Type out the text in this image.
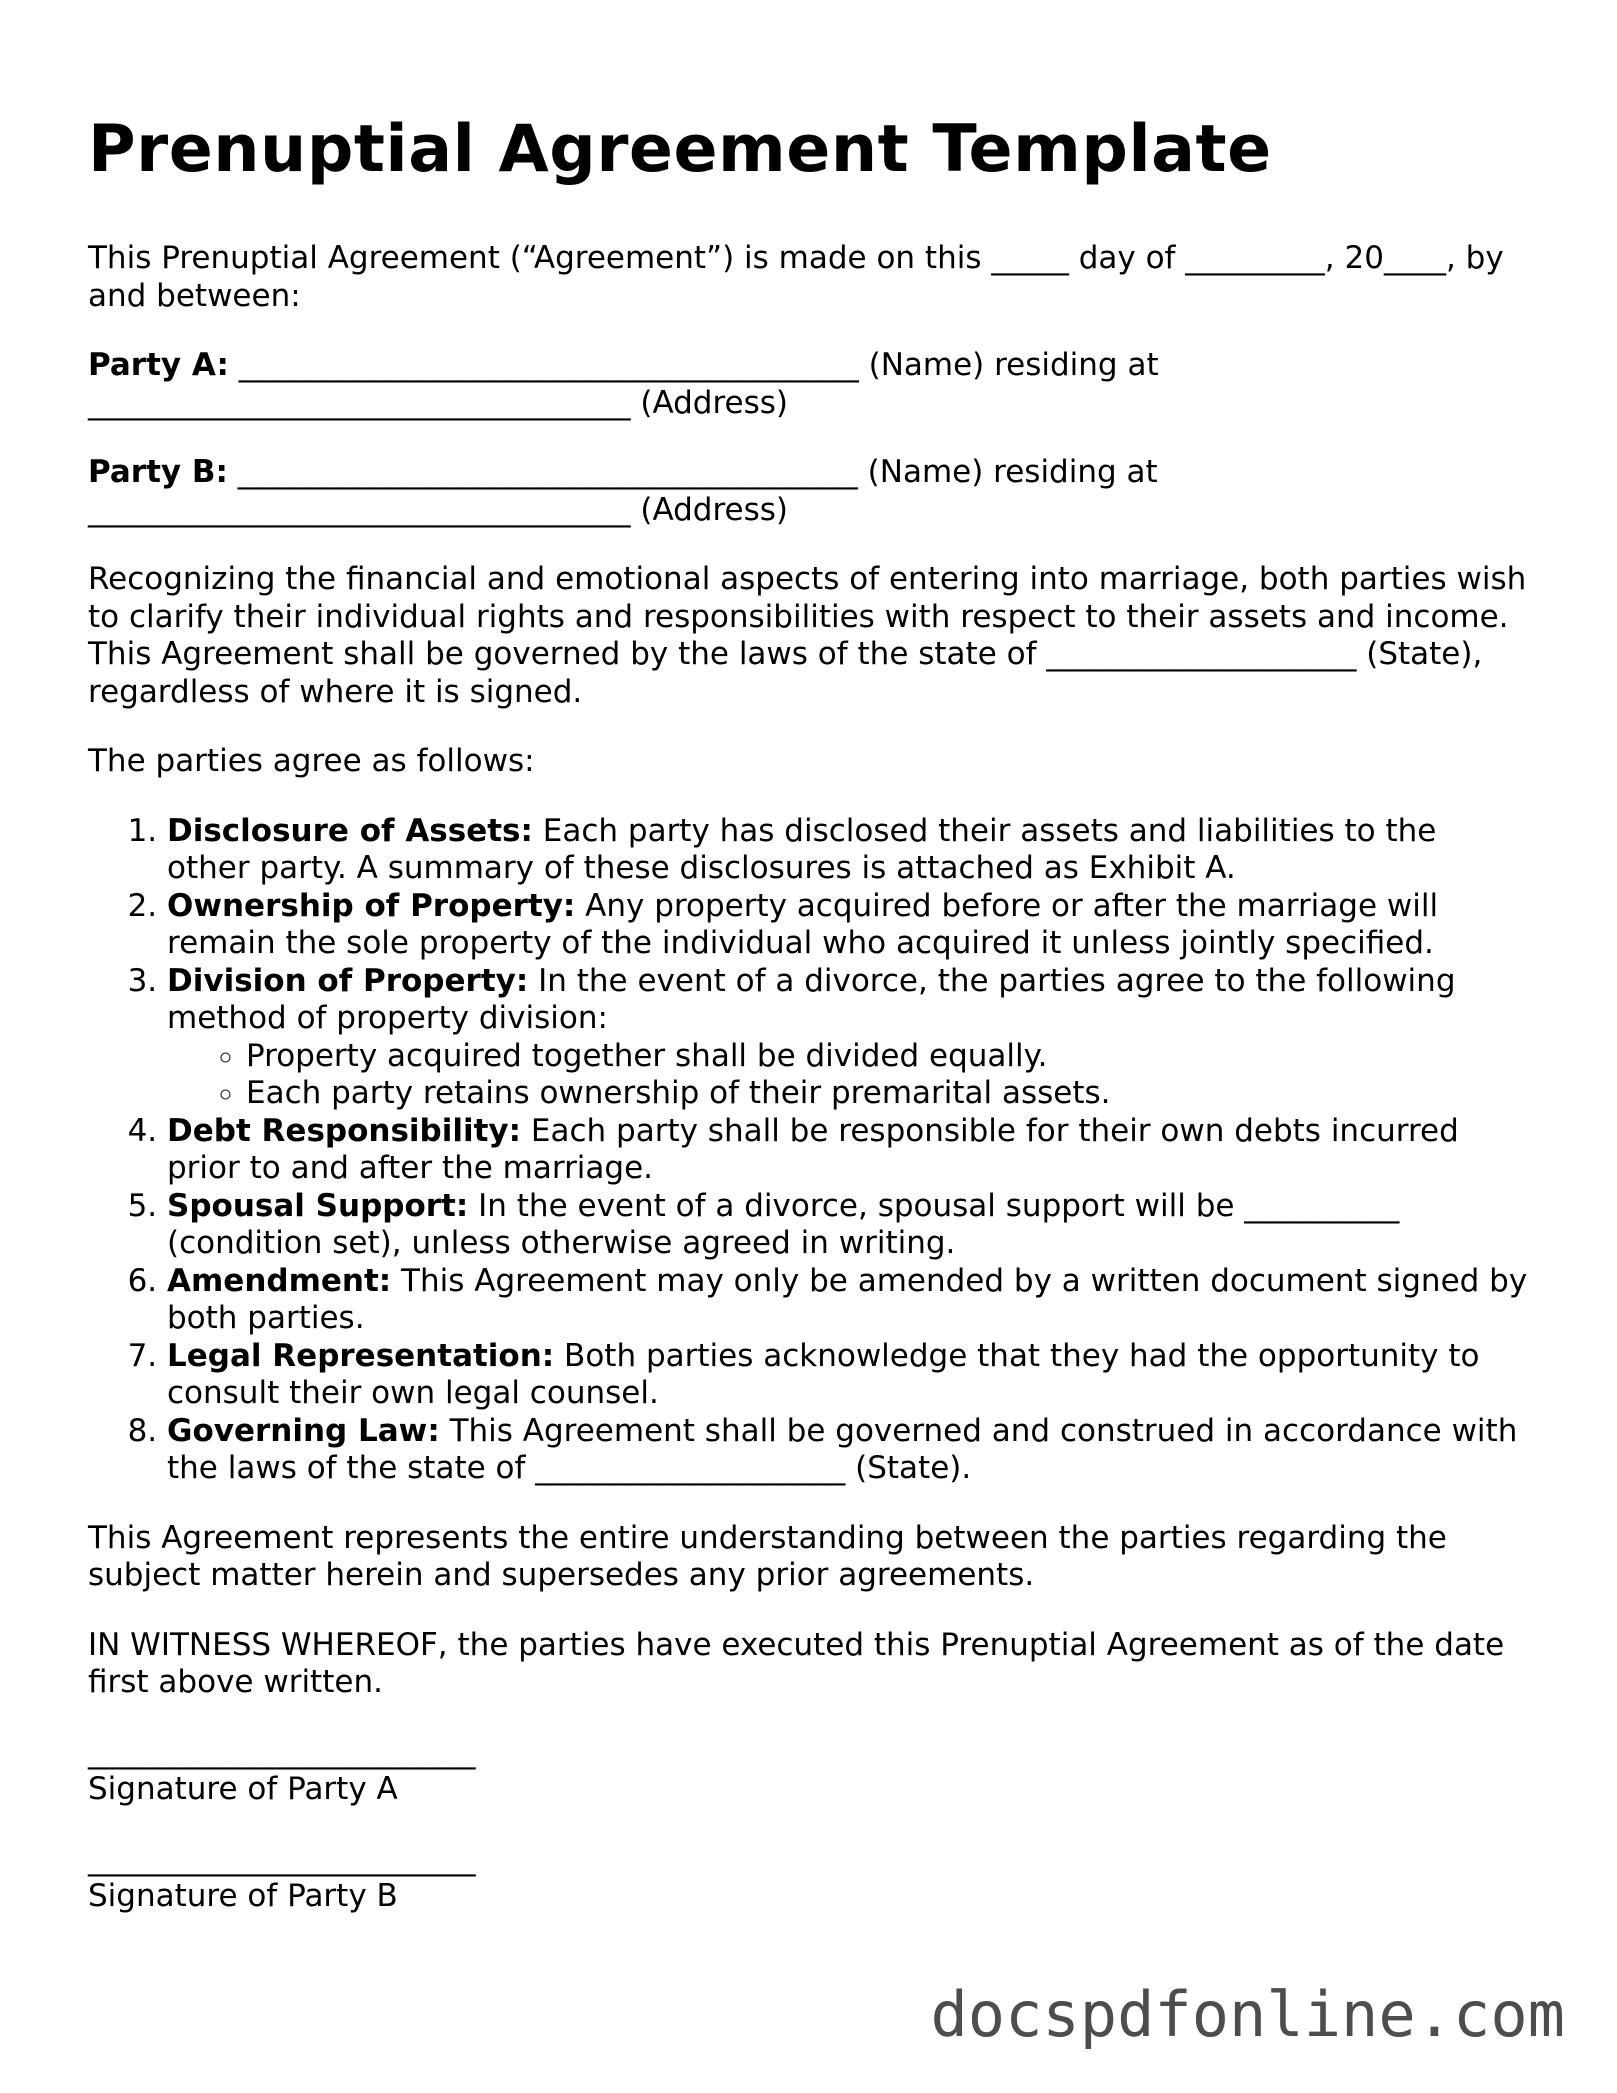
Prenuptial Agreement Template

This Prenuptial Agreement (“Agreement”) is made on this _____ day of _________, 20____, by and between:

Party A: ________________________________________ (Name) residing at ___________________________________ (Address)

Party B: ________________________________________ (Name) residing at ___________________________________ (Address)

Recognizing the financial and emotional aspects of entering into marriage, both parties wish to clarify their individual rights and responsibilities with respect to their assets and income. This Agreement shall be governed by the laws of the state of ____________________ (State), regardless of where it is signed.

The parties agree as follows:

1. Disclosure of Assets: Each party has disclosed their assets and liabilities to the other party. A summary of these disclosures is attached as Exhibit A.
2. Ownership of Property: Any property acquired before or after the marriage will remain the sole property of the individual who acquired it unless jointly specified.
3. Division of Property: In the event of a divorce, the parties agree to the following method of property division:
◦ Property acquired together shall be divided equally.
◦ Each party retains ownership of their premarital assets.
4. Debt Responsibility: Each party shall be responsible for their own debts incurred prior to and after the marriage.
5. Spousal Support: In the event of a divorce, spousal support will be __________ (condition set), unless otherwise agreed in writing.
6. Amendment: This Agreement may only be amended by a written document signed by both parties.
7. Legal Representation: Both parties acknowledge that they had the opportunity to consult their own legal counsel.
8. Governing Law: This Agreement shall be governed and construed in accordance with the laws of the state of ____________________ (State).

This Agreement represents the entire understanding between the parties regarding the subject matter herein and supersedes any prior agreements.

IN WITNESS WHEREOF, the parties have executed this Prenuptial Agreement as of the date first above written.

_________________________
Signature of Party A
_________________________
Signature of Party B
docspdfonline.com
